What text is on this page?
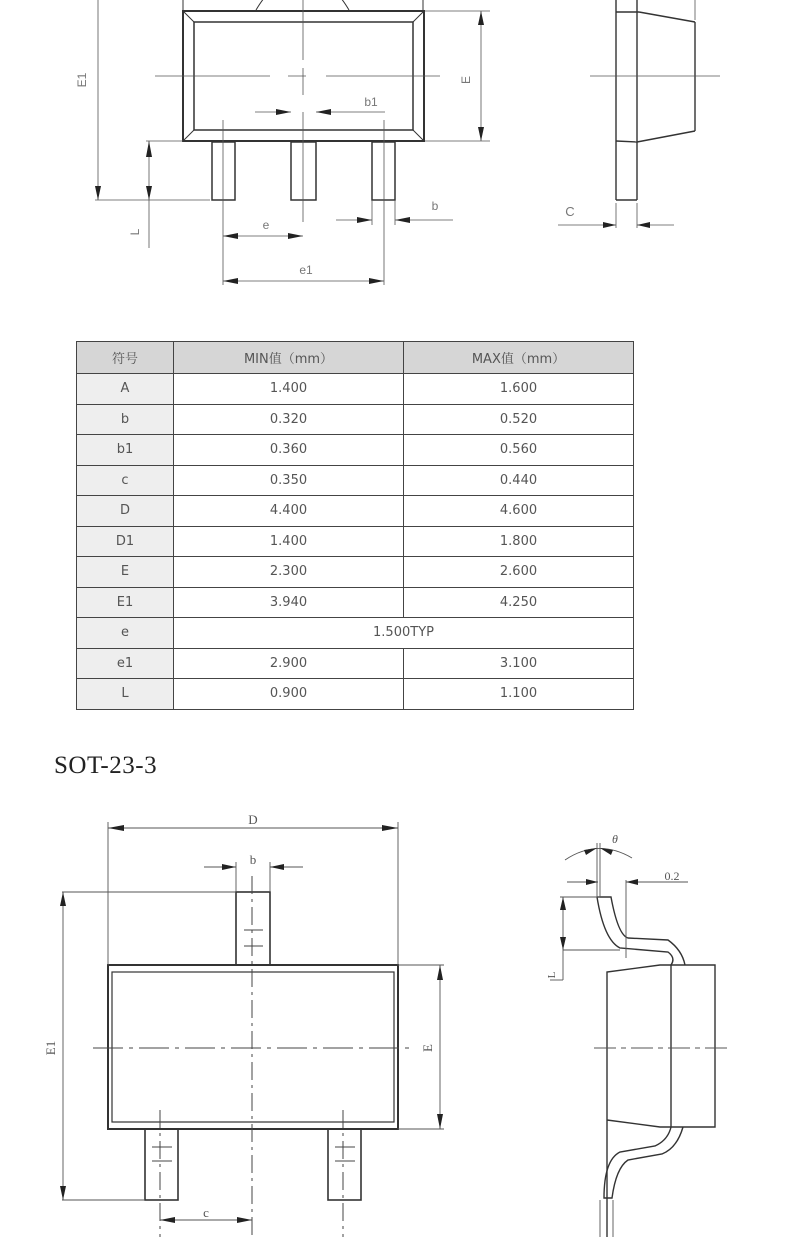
E1	E
b1
L	e
e1
b	C
符号	MIN值（mm）	MAX值（mm）
A	1.400	1.600
b	0.320	0.520
b1	0.360	0.560
c	0.350	0.440
D	4.400	4.600
D1	1.400	1.800
E	2.300	2.600
E1	3.940	4.250
e	1.500TYP	
e1	2.900	3.100
L	0.900	1.100
SOT-23-3
D
b
E1	E
c
θ
0.2
L
